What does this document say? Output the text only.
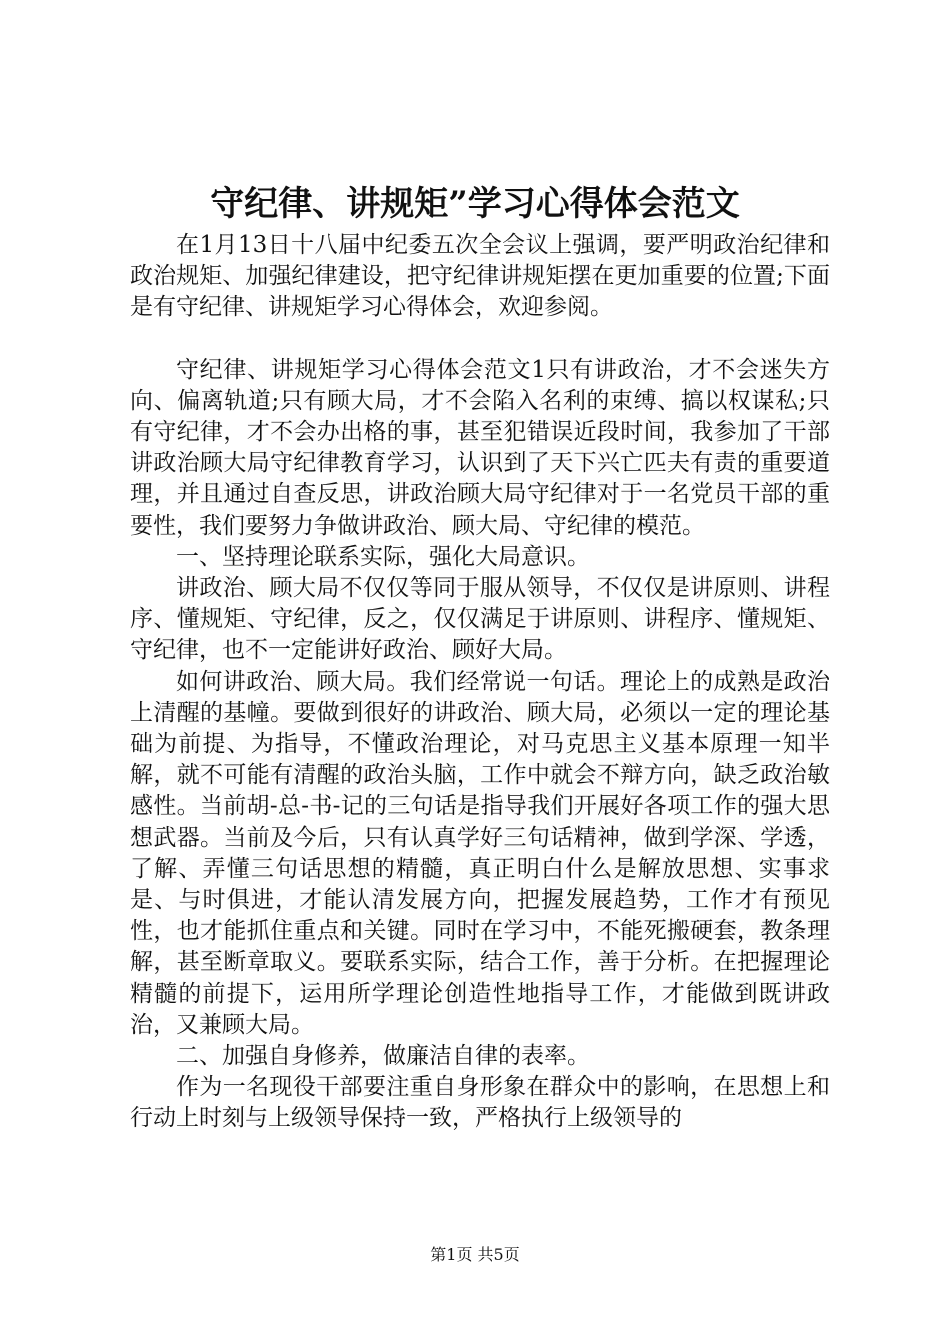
守纪律、讲规矩”学习心得体会范文

在1月13日十八届中纪委五次全会议上强调，要严明政治纪律和政治规矩、加强纪律建设，把守纪律讲规矩摆在更加重要的位置;下面是有守纪律、讲规矩学习心得体会，欢迎参阅。

守纪律、讲规矩学习心得体会范文1只有讲政治，才不会迷失方向、偏离轨道;只有顾大局，才不会陷入名利的束缚、搞以权谋私;只有守纪律，才不会办出格的事，甚至犯错误近段时间，我参加了干部讲政治顾大局守纪律教育学习，认识到了天下兴亡匹夫有责的重要道理，并且通过自查反思，讲政治顾大局守纪律对于一名党员干部的重要性，我们要努力争做讲政治、顾大局、守纪律的模范。

一、坚持理论联系实际，强化大局意识。

讲政治、顾大局不仅仅等同于服从领导，不仅仅是讲原则、讲程序、懂规矩、守纪律，反之，仅仅满足于讲原则、讲程序、懂规矩、守纪律，也不一定能讲好政治、顾好大局。

如何讲政治、顾大局。我们经常说一句话。理论上的成熟是政治上清醒的基幢。要做到很好的讲政治、顾大局，必须以一定的理论基础为前提、为指导，不懂政治理论，对马克思主义基本原理一知半解，就不可能有清醒的政治头脑，工作中就会不辩方向，缺乏政治敏感性。当前胡-总-书-记的三句话是指导我们开展好各项工作的强大思想武器。当前及今后，只有认真学好三句话精神，做到学深、学透，了解、弄懂三句话思想的精髓，真正明白什么是解放思想、实事求是、与时俱进，才能认清发展方向，把握发展趋势，工作才有预见性，也才能抓住重点和关键。同时在学习中，不能死搬硬套，教条理解，甚至断章取义。要联系实际，结合工作，善于分析。在把握理论精髓的前提下，运用所学理论创造性地指导工作，才能做到既讲政治，又兼顾大局。

二、加强自身修养，做廉洁自律的表率。

作为一名现役干部要注重自身形象在群众中的影响，在思想上和行动上时刻与上级领导保持一致，严格执行上级领导的

第1页 共5页
